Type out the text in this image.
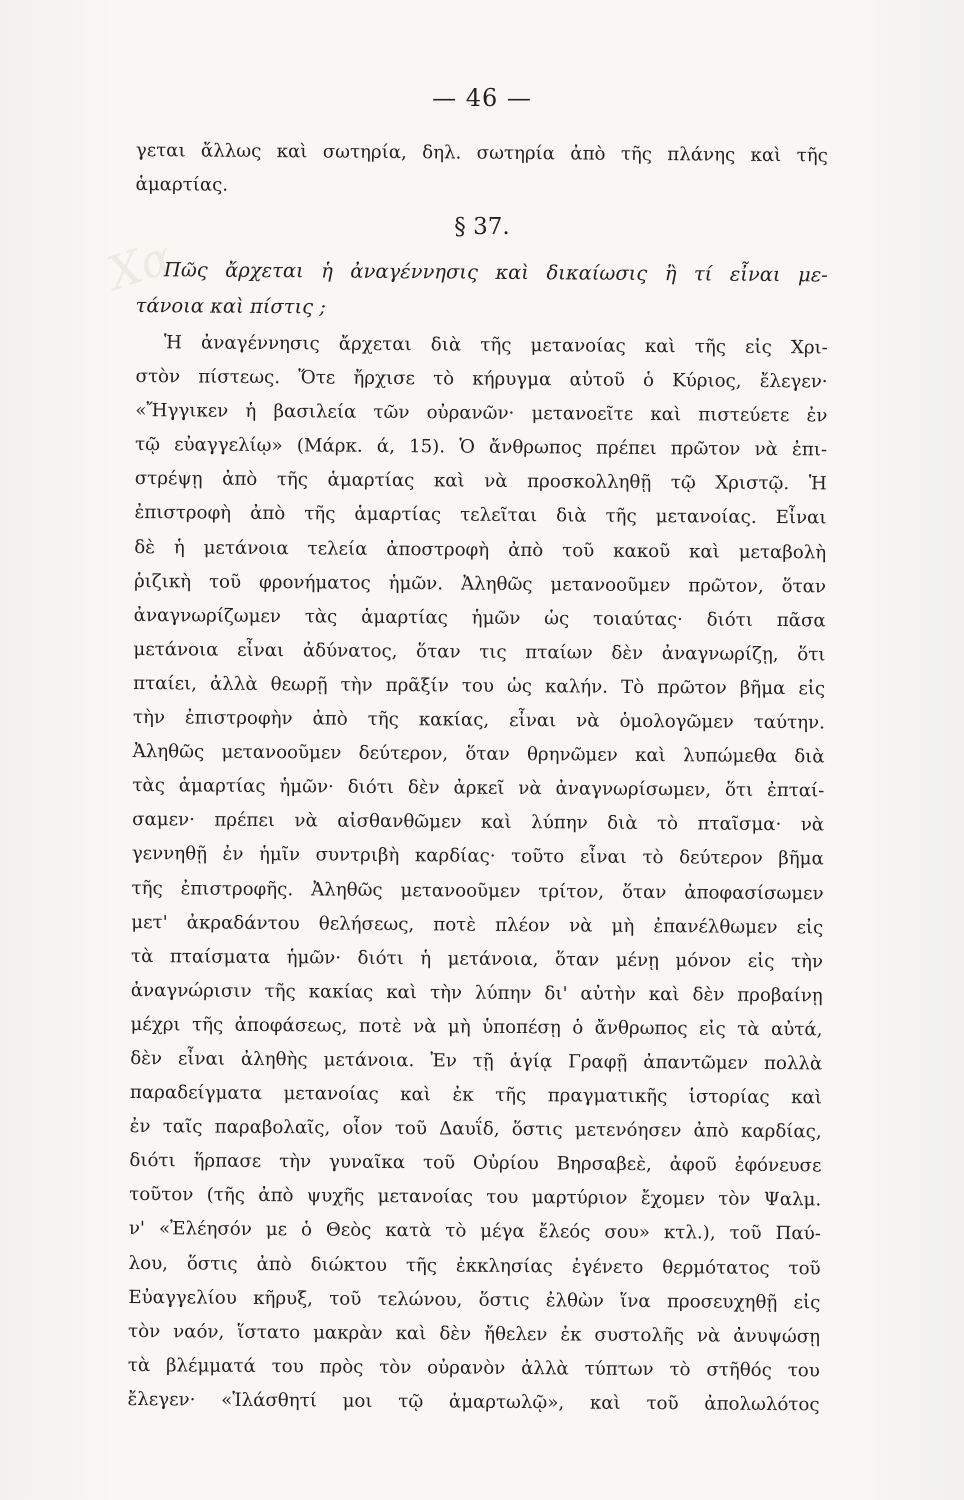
Χα
— 46 —
γεται ἄλλως καὶ σωτηρία, δηλ. σωτηρία ἀπὸ τῆς πλάνης καὶ τῆς
ἁμαρτίας.
§ 37.
Πῶς ἄρχεται ἡ ἀναγέννησις καὶ δικαίωσις ἢ τί εἶναι με-
τάνοια καὶ πίστις ;
Ἡ ἀναγέννησις ἄρχεται διὰ τῆς μετανοίας καὶ τῆς εἰς Χρι-
στὸν πίστεως. Ὅτε ἤρχισε τὸ κήρυγμα αὐτοῦ ὁ Κύριος, ἔλεγεν·
«Ἤγγικεν ἡ βασιλεία τῶν οὐρανῶν· μετανοεῖτε καὶ πιστεύετε ἐν
τῷ εὐαγγελίῳ» (Μάρκ. ά, 15). Ὁ ἄνθρωπος πρέπει πρῶτον νὰ ἐπι-
στρέψῃ ἀπὸ τῆς ἁμαρτίας καὶ νὰ προσκολληθῇ τῷ Χριστῷ. Ἡ
ἐπιστροφὴ ἀπὸ τῆς ἁμαρτίας τελεῖται διὰ τῆς μετανοίας. Εἶναι
δὲ ἡ μετάνοια τελεία ἀποστροφὴ ἀπὸ τοῦ κακοῦ καὶ μεταβολὴ
ῥιζικὴ τοῦ φρονήματος ἡμῶν. Ἀληθῶς μετανοοῦμεν πρῶτον, ὅταν
ἀναγνωρίζωμεν τὰς ἁμαρτίας ἡμῶν ὡς τοιαύτας· διότι πᾶσα
μετάνοια εἶναι ἀδύνατος, ὅταν τις πταίων δὲν ἀναγνωρίζῃ, ὅτι
πταίει, ἀλλὰ θεωρῇ τὴν πρᾶξίν του ὡς καλήν. Τὸ πρῶτον βῆμα εἰς
τὴν ἐπιστροφὴν ἀπὸ τῆς κακίας, εἶναι νὰ ὁμολογῶμεν ταύτην.
Ἀληθῶς μετανοοῦμεν δεύτερον, ὅταν θρηνῶμεν καὶ λυπώμεθα διὰ
τὰς ἁμαρτίας ἡμῶν· διότι δὲν ἀρκεῖ νὰ ἀναγνωρίσωμεν, ὅτι ἐπταί-
σαμεν· πρέπει νὰ αἰσθανθῶμεν καὶ λύπην διὰ τὸ πταῖσμα· νὰ
γεννηθῇ ἐν ἡμῖν συντριβὴ καρδίας· τοῦτο εἶναι τὸ δεύτερον βῆμα
τῆς ἐπιστροφῆς. Ἀληθῶς μετανοοῦμεν τρίτον, ὅταν ἀποφασίσωμεν
μετ' ἀκραδάντου θελήσεως, ποτὲ πλέον νὰ μὴ ἐπανέλθωμεν εἰς
τὰ πταίσματα ἡμῶν· διότι ἡ μετάνοια, ὅταν μένῃ μόνον εἰς τὴν
ἀναγνώρισιν τῆς κακίας καὶ τὴν λύπην δι' αὐτὴν καὶ δὲν προβαίνῃ
μέχρι τῆς ἀποφάσεως, ποτὲ νὰ μὴ ὑποπέσῃ ὁ ἄνθρωπος εἰς τὰ αὐτά,
δὲν εἶναι ἀληθὴς μετάνοια. Ἐν τῇ ἁγίᾳ Γραφῇ ἀπαντῶμεν πολλὰ
παραδείγματα μετανοίας καὶ ἐκ τῆς πραγματικῆς ἱστορίας καὶ
ἐν ταῖς παραβολαῖς, οἷον τοῦ Δαυΐδ, ὅστις μετενόησεν ἀπὸ καρδίας,
διότι ἥρπασε τὴν γυναῖκα τοῦ Οὐρίου Βηρσαβεὲ, ἀφοῦ ἐφόνευσε
τοῦτον (τῆς ἀπὸ ψυχῆς μετανοίας του μαρτύριον ἔχομεν τὸν Ψαλμ.
ν' «Ἐλέησόν με ὁ Θεὸς κατὰ τὸ μέγα ἔλεός σου» κτλ.), τοῦ Παύ-
λου, ὅστις ἀπὸ διώκτου τῆς ἐκκλησίας ἐγένετο θερμότατος τοῦ
Εὐαγγελίου κῆρυξ, τοῦ τελώνου, ὅστις ἐλθὼν ἵνα προσευχηθῇ εἰς
τὸν ναόν, ἵστατο μακρὰν καὶ δὲν ἤθελεν ἐκ συστολῆς νὰ ἀνυψώσῃ
τὰ βλέμματά του πρὸς τὸν οὐρανὸν ἀλλὰ τύπτων τὸ στῆθός του
ἔλεγεν· «Ἱλάσθητί μοι τῷ ἁμαρτωλῷ», καὶ τοῦ ἀπολωλότος
